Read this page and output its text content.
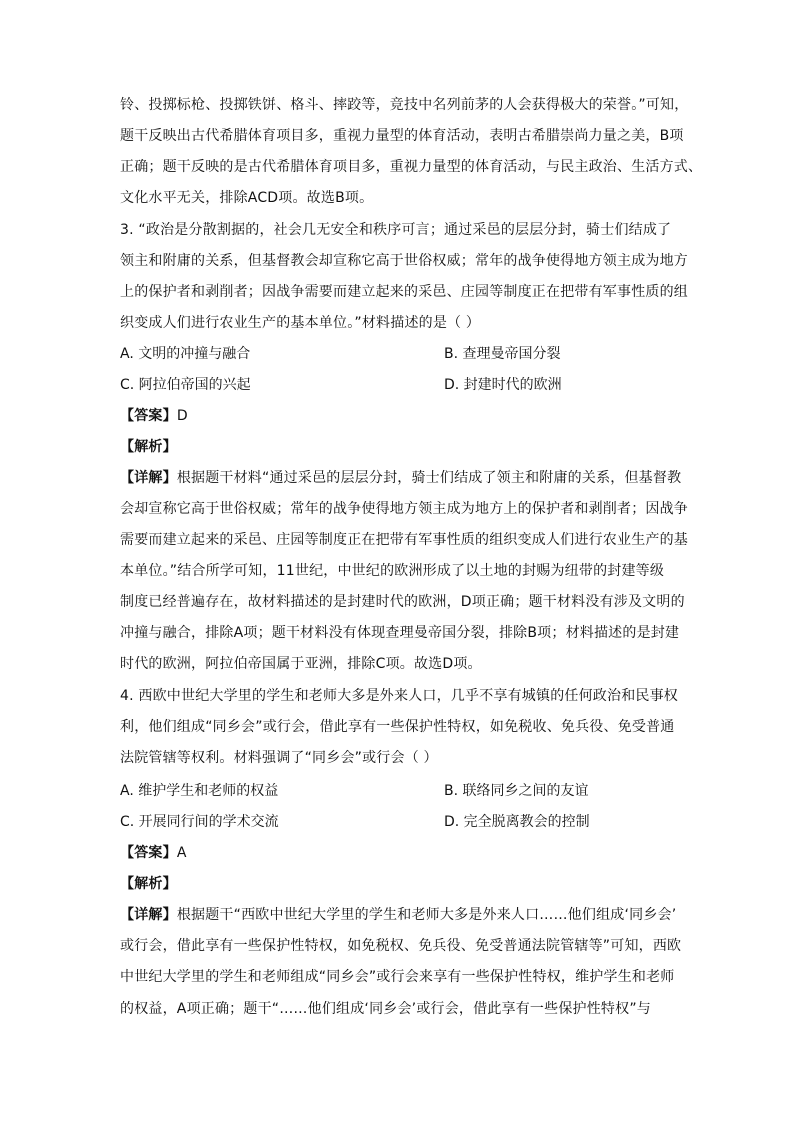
铃、投掷标枪、投掷铁饼、格斗、摔跤等，竞技中名列前茅的人会获得极大的荣誉。”可知，
题干反映出古代希腊体育项目多，重视力量型的体育活动，表明古希腊崇尚力量之美，B项
正确；题干反映的是古代希腊体育项目多，重视力量型的体育活动，与民主政治、生活方式、
文化水平无关，排除ACD项。故选B项。
3. “政治是分散割据的，社会几无安全和秩序可言；通过采邑的层层分封，骑士们结成了
领主和附庸的关系，但基督教会却宣称它高于世俗权威；常年的战争使得地方领主成为地方
上的保护者和剥削者；因战争需要而建立起来的采邑、庄园等制度正在把带有军事性质的组
织变成人们进行农业生产的基本单位。”材料描述的是（ ）
A. 文明的冲撞与融合	B. 查理曼帝国分裂
C. 阿拉伯帝国的兴起	D. 封建时代的欧洲
【答案】D
【解析】
【详解】根据题干材料“通过采邑的层层分封，骑士们结成了领主和附庸的关系，但基督教
会却宣称它高于世俗权威；常年的战争使得地方领主成为地方上的保护者和剥削者；因战争
需要而建立起来的采邑、庄园等制度正在把带有军事性质的组织变成人们进行农业生产的基
本单位。”结合所学可知，11世纪，中世纪的欧洲形成了以土地的封赐为纽带的封建等级
制度已经普遍存在，故材料描述的是封建时代的欧洲，D项正确；题干材料没有涉及文明的
冲撞与融合，排除A项；题干材料没有体现查理曼帝国分裂，排除B项；材料描述的是封建
时代的欧洲，阿拉伯帝国属于亚洲，排除C项。故选D项。
4. 西欧中世纪大学里的学生和老师大多是外来人口，几乎不享有城镇的任何政治和民事权
利，他们组成“同乡会”或行会，借此享有一些保护性特权，如免税收、免兵役、免受普通
法院管辖等权利。材料强调了“同乡会”或行会（ ）
A. 维护学生和老师的权益	B. 联络同乡之间的友谊
C. 开展同行间的学术交流	D. 完全脱离教会的控制
【答案】A
【解析】
【详解】根据题干“西欧中世纪大学里的学生和老师大多是外来人口……他们组成‘同乡会’
或行会，借此享有一些保护性特权，如免税权、免兵役、免受普通法院管辖等”可知，西欧
中世纪大学里的学生和老师组成“同乡会”或行会来享有一些保护性特权，维护学生和老师
的权益，A项正确；题干“……他们组成‘同乡会’或行会，借此享有一些保护性特权”与
